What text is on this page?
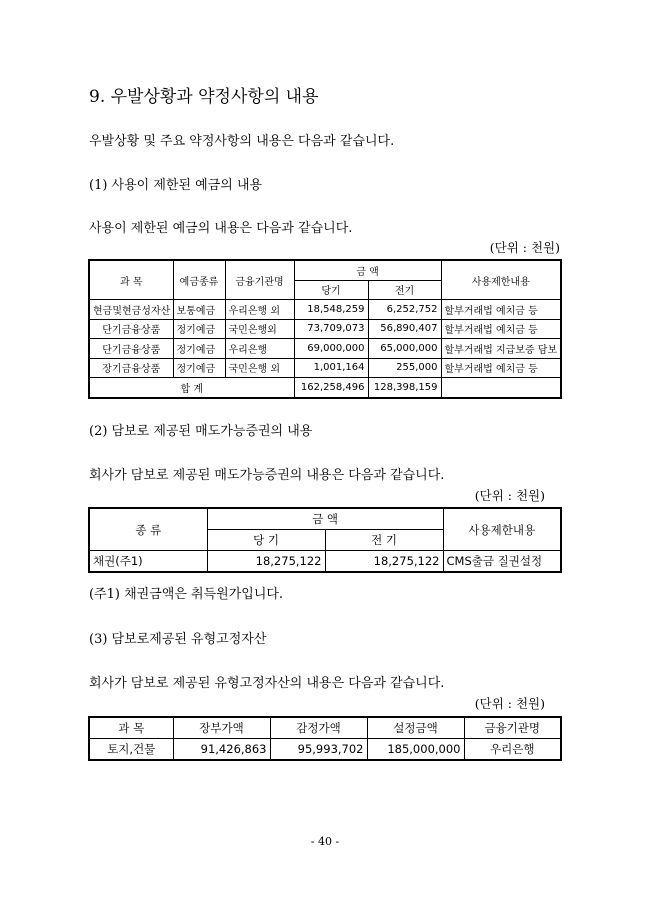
9. 우발상황과 약정사항의 내용
우발상황 및 주요 약정사항의 내용은 다음과 같습니다.
(1) 사용이 제한된 예금의 내용
사용이 제한된 예금의 내용은 다음과 같습니다.
(단위 : 천원)
과 목	예금종류	금융기관명	금 액		사용제한내용
			당기	전기	
현금및현금성자산	보통예금	우리은행 외	18,548,259	6,252,752	할부거래법 예치금 등
단기금융상품	정기예금	국민은행외	73,709,073	56,890,407	할부거래법 예치금 등
단기금융상품	정기예금	우리은행	69,000,000	65,000,000	할부거래법 지급보증 담보
장기금융상품	정기예금	국민은행 외	1,001,164	255,000	할부거래법 예치금 등
합 계			162,258,496	128,398,159	
(2) 담보로 제공된 매도가능증권의 내용
회사가 담보로 제공된 매도가능증권의 내용은 다음과 같습니다.
(단위 : 천원)
종 류	금 액		사용제한내용
	당 기	전 기	
채권(주1)	18,275,122	18,275,122	CMS출금 질권설정
(주1) 채권금액은 취득원가입니다.
(3) 담보로제공된 유형고정자산
회사가 담보로 제공된 유형고정자산의 내용은 다음과 같습니다.
(단위 : 천원)
과 목	장부가액	감정가액	설정금액	금융기관명
토지,건물	91,426,863	95,993,702	185,000,000	우리은행
- 40 -
